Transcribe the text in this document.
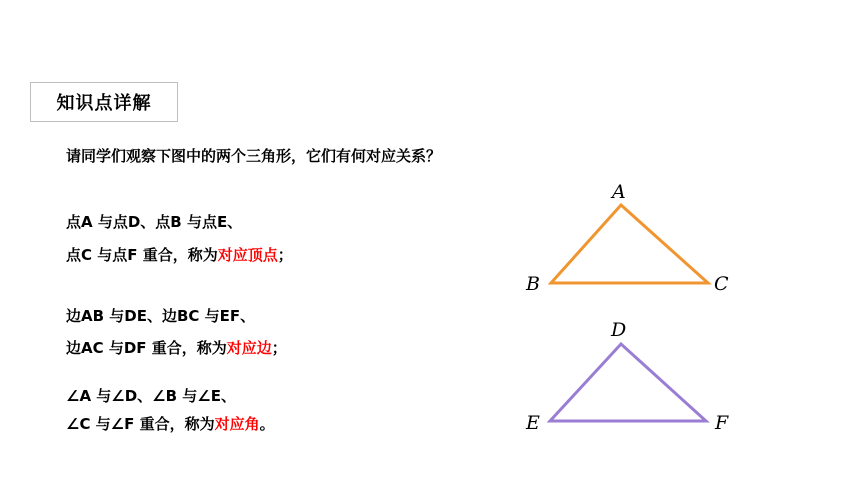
知识点详解
请同学们观察下图中的两个三角形，它们有何对应关系？
点A 与点D、点B 与点E、
点C 与点F 重合，称为对应顶点；
边AB 与DE、边BC 与EF、
边AC 与DF 重合，称为对应边；
∠A 与∠D、∠B 与∠E、
∠C 与∠F 重合，称为对应角。
A
B	C
D
E	F
